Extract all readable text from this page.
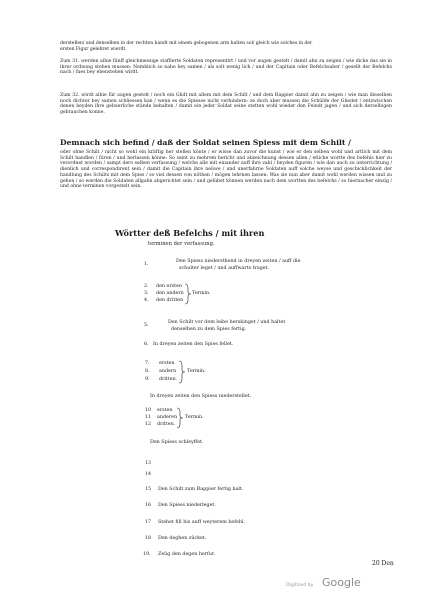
derstellen/ und denselben in der rechten handt mit einem gebogenen arm halten sol/ gleich wie solches in der
ersten Figur gelehret wierdt.
Zum 31. werden alhie fünff gleichmessige staffierte Soldaten representirt / und vor augen gestelt / damit ahn zu zeigen / wie dicke das sie in ihrer ordnung stehen mussen: Nemblich so nahe bey samen / als solt wenig lich / und der Capitain oder Befelchsaber / gesellt der Befelchs nach / fues bey ebenstehen wirdt.
Zum 32. wirdt alhie für augen gestelt / noch ein Glidt mit allem mit dem Schilt / und dem Rappier damit ahn zu zeigen / wie man dieselben noch dichter bey samen schliessen kan / wenn es die Spiesse nicht verhindern: ze doch aber mussen die Schülde der Glieder / entzwischen denen beyden ihre gebuerliche stände behalten / damit ein jeder Soldat seine stetten wohl wieder den Feindt jagen / und sich derselbigen gebrauchen konne.
Demnach sich befind / daß der Soldat seinen Spiess mit dem Schilt /
oder ohne Schilt / nicht so wohl ein kräftig her stellen könte / er wisse dan zuvor die kunst / wie er den selben wohl und artlich mit dem Schilt handlen / füren / und herlassen könne: So seint zu mehrem bericht und abzeichnung dessen allen / etliche wortte des befehls hier zu verordnet worden / sampt dero selben verfassung / welche alle mit einander auff ihre zahl / beyden figuren / wie dan auch zu unterrichtung / dienlich und correspondirent sein / damit die Capitain ihre neüwe / und unerfahrne Soldaten auff solche weyse und geschicklichkeit der handlung des Schilts mit dem Spies / so viel dessen von nöthen / mögen lehrnen lassen: Was sie nun aber damit wohl werden wissen und zu gehen / so werden die Soldaten allgahn abgerichtet sein / und gelübet können werden nach dem wortten des befelchs / so hiernacher einzig / und ohne terminen vorgestelt sein.
Wörtter deß Befelchs / mit ihren
terminen der verfassung.
1.
Den Spiess niedersthend in dreyen zeiten / auff die
schulter leget / und auffwarts traget.
2. den ersten
3. den andern
4. den dritten
Termin.
5.
Den Schilt vor dem leibe herskinget / und haltet
denselben zu dem Spies fertig.
6. In dreyen zeiten den Spies fellet.
7. ersten
8. andern
9. dritten.
Termin.
In dreyen zeiten den Spiess niederstellet.
10 ersten
11 anderen
12 dritten.
Termin.
Den Spiess schleyffet.
13
14
15 Den Schilt zum Rappier fertig halt.
16 Den Spiess niederleget.
17 Stehet fill bis auff weyterem befehl.
18 Den deghen zücket.
19. Zeüg den degen herfur.
20 Den
Digitized by Google
